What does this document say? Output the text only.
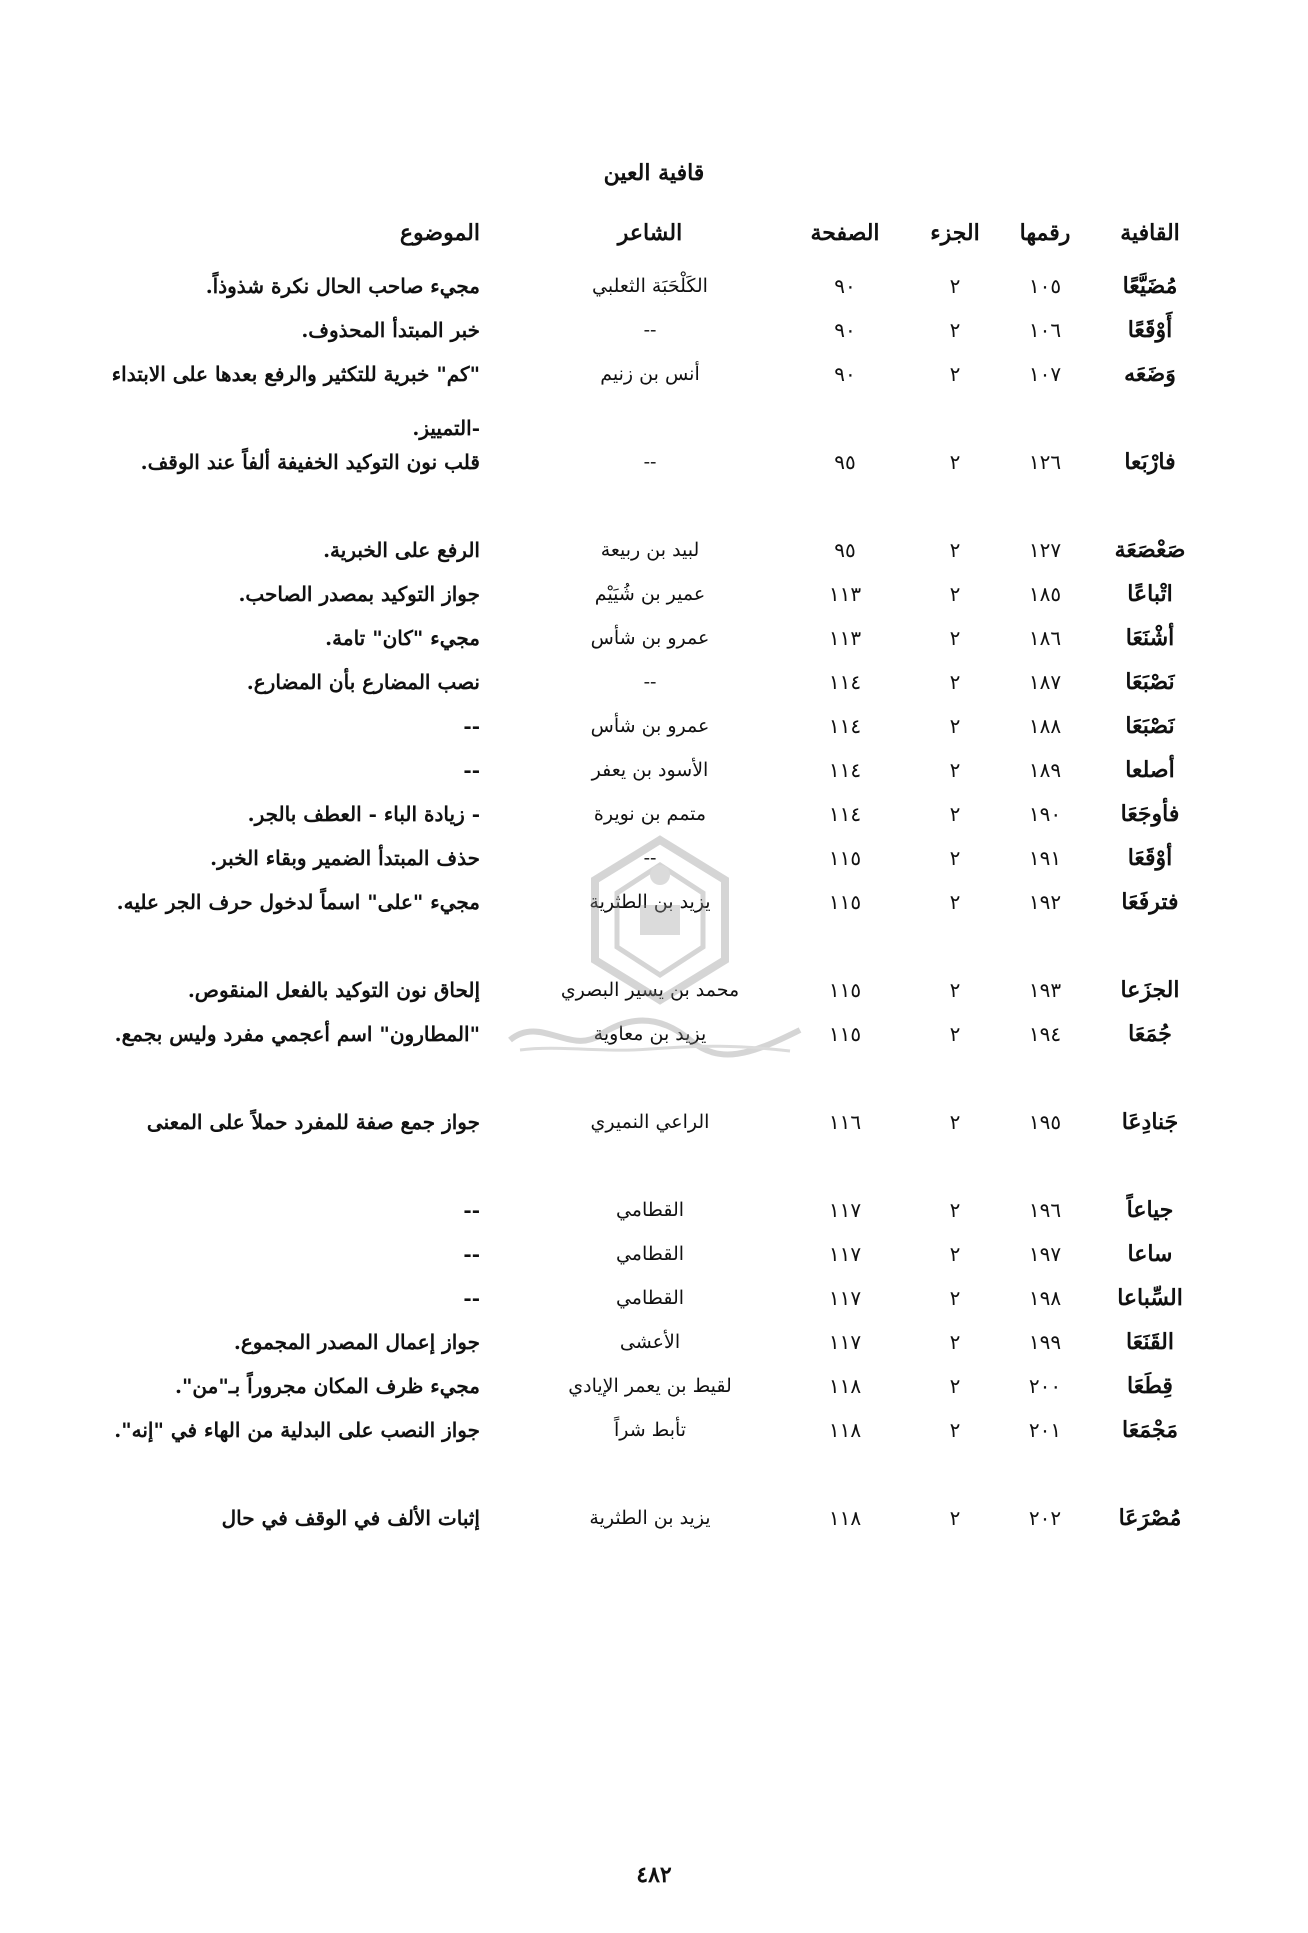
قافية العين
القافية
رقمها
الجزء
الصفحة
الشاعر
الموضوع
مُضَيَّعًا
١٠٥
٢
٩٠
الكَلْحَبَة الثعلبي
مجيء صاحب الحال نكرة شذوذاً.
أَوْقَعًا
١٠٦
٢
٩٠
--
خبر المبتدأ المحذوف.
وَضَعَه
١٠٧
٢
٩٠
أنس بن زنيم
"كم" خبرية للتكثير والرفع بعدها على الابتداء -التمييز.
فارْبَعا
١٢٦
٢
٩٥
--
قلب نون التوكيد الخفيفة ألفاً عند الوقف.
صَعْصَعَة
١٢٧
٢
٩٥
لبيد بن ربيعة
الرفع على الخبرية.
اتْباعًا
١٨٥
٢
١١٣
عمير بن شُيَيْم
جواز التوكيد بمصدر الصاحب.
أشْنَعَا
١٨٦
٢
١١٣
عمرو بن شأس
مجيء "كان" تامة.
نَصْبَعَا
١٨٧
٢
١١٤
--
نصب المضارع بأن المضارع.
نَصْبَعَا
١٨٨
٢
١١٤
عمرو بن شأس
--
أصلعا
١٨٩
٢
١١٤
الأسود بن يعفر
--
فأوجَعَا
١٩٠
٢
١١٤
متمم بن نويرة
- زيادة الباء - العطف بالجر.
أوْقَعَا
١٩١
٢
١١٥
--
حذف المبتدأ الضمير وبقاء الخبر.
فترفَعَا
١٩٢
٢
١١٥
يزيد بن الطثرية
مجيء "على" اسماً لدخول حرف الجر عليه.
الجزَعا
١٩٣
٢
١١٥
محمد بن يسير البصري
إلحاق نون التوكيد بالفعل المنقوص.
جُمَعَا
١٩٤
٢
١١٥
يزيد بن معاوية
"المطارون" اسم أعجمي مفرد وليس بجمع.
جَنادِعَا
١٩٥
٢
١١٦
الراعي النميري
جواز جمع صفة للمفرد حملاً على المعنى
جياعاً
١٩٦
٢
١١٧
القطامي
--
ساعا
١٩٧
٢
١١٧
القطامي
--
السِّباعا
١٩٨
٢
١١٧
القطامي
--
القَنَعَا
١٩٩
٢
١١٧
الأعشى
جواز إعمال المصدر المجموع.
قِطَعَا
٢٠٠
٢
١١٨
لقيط بن يعمر الإيادي
مجيء ظرف المكان مجروراً بـ"من".
مَجْمَعَا
٢٠١
٢
١١٨
تأبط شراً
جواز النصب على البدلية من الهاء في "إنه".
مُصْرَعَا
٢٠٢
٢
١١٨
يزيد بن الطثرية
إثبات الألف في الوقف في حال
٤٨٢
